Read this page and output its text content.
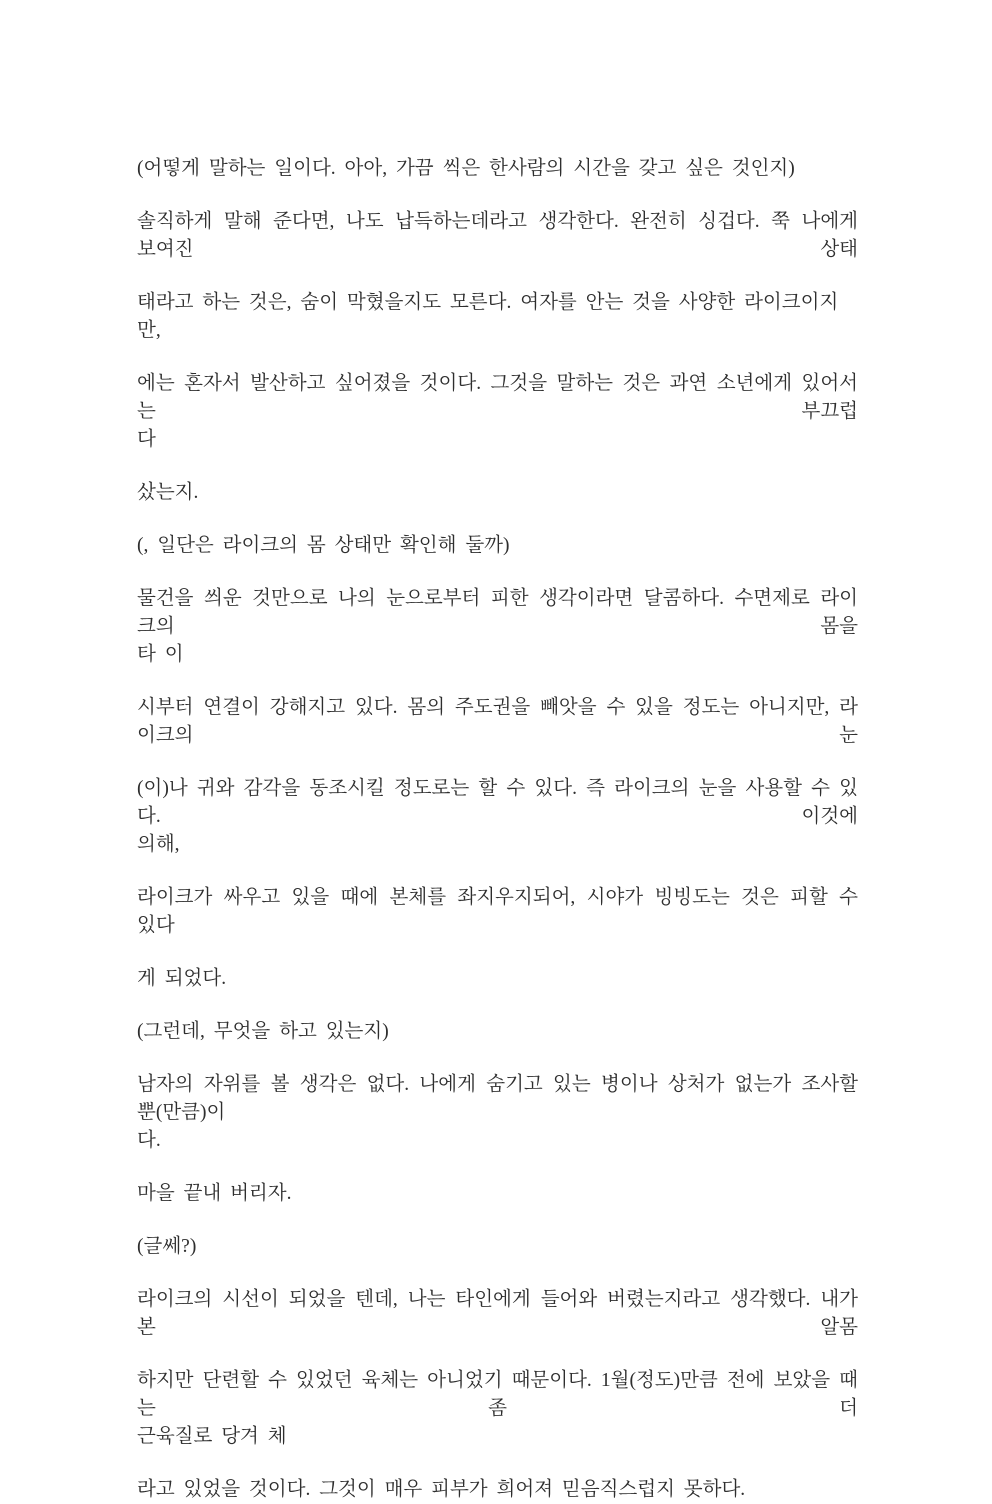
(어떻게 말하는 일이다. 아아, 가끔 씩은 한사람의 시간을 갖고 싶은 것인지)
솔직하게 말해 준다면, 나도 납득하는데라고 생각한다. 완전히 싱겁다. 쭉 나에게 보여진 상태
태라고 하는 것은, 숨이 막혔을지도 모른다. 여자를 안는 것을 사양한 라이크이지만,
에는 혼자서 발산하고 싶어졌을 것이다. 그것을 말하는 것은 과연 소년에게 있어서는 부끄럽
다
샀는지.
(, 일단은 라이크의 몸 상태만 확인해 둘까)
물건을 씌운 것만으로 나의 눈으로부터 피한 생각이라면 달콤하다. 수면제로 라이크의 몸을
타 이
시부터 연결이 강해지고 있다. 몸의 주도권을 빼앗을 수 있을 정도는 아니지만, 라이크의 눈
(이)나 귀와 감각을 동조시킬 정도로는 할 수 있다. 즉 라이크의 눈을 사용할 수 있다. 이것에
의해,
라이크가 싸우고 있을 때에 본체를 좌지우지되어, 시야가 빙빙도는 것은 피할 수 있다
게 되었다.
(그런데, 무엇을 하고 있는지)
남자의 자위를 볼 생각은 없다. 나에게 숨기고 있는 병이나 상처가 없는가 조사할 뿐(만큼)이
다.
마을 끝내 버리자.
(글쎄?)
라이크의 시선이 되었을 텐데, 나는 타인에게 들어와 버렸는지라고 생각했다. 내가 본 알몸
하지만 단련할 수 있었던 육체는 아니었기 때문이다. 1월(정도)만큼 전에 보았을 때는 좀 더
근육질로 당겨 체
라고 있었을 것이다. 그것이 매우 피부가 희어져 믿음직스럽지 못하다.
